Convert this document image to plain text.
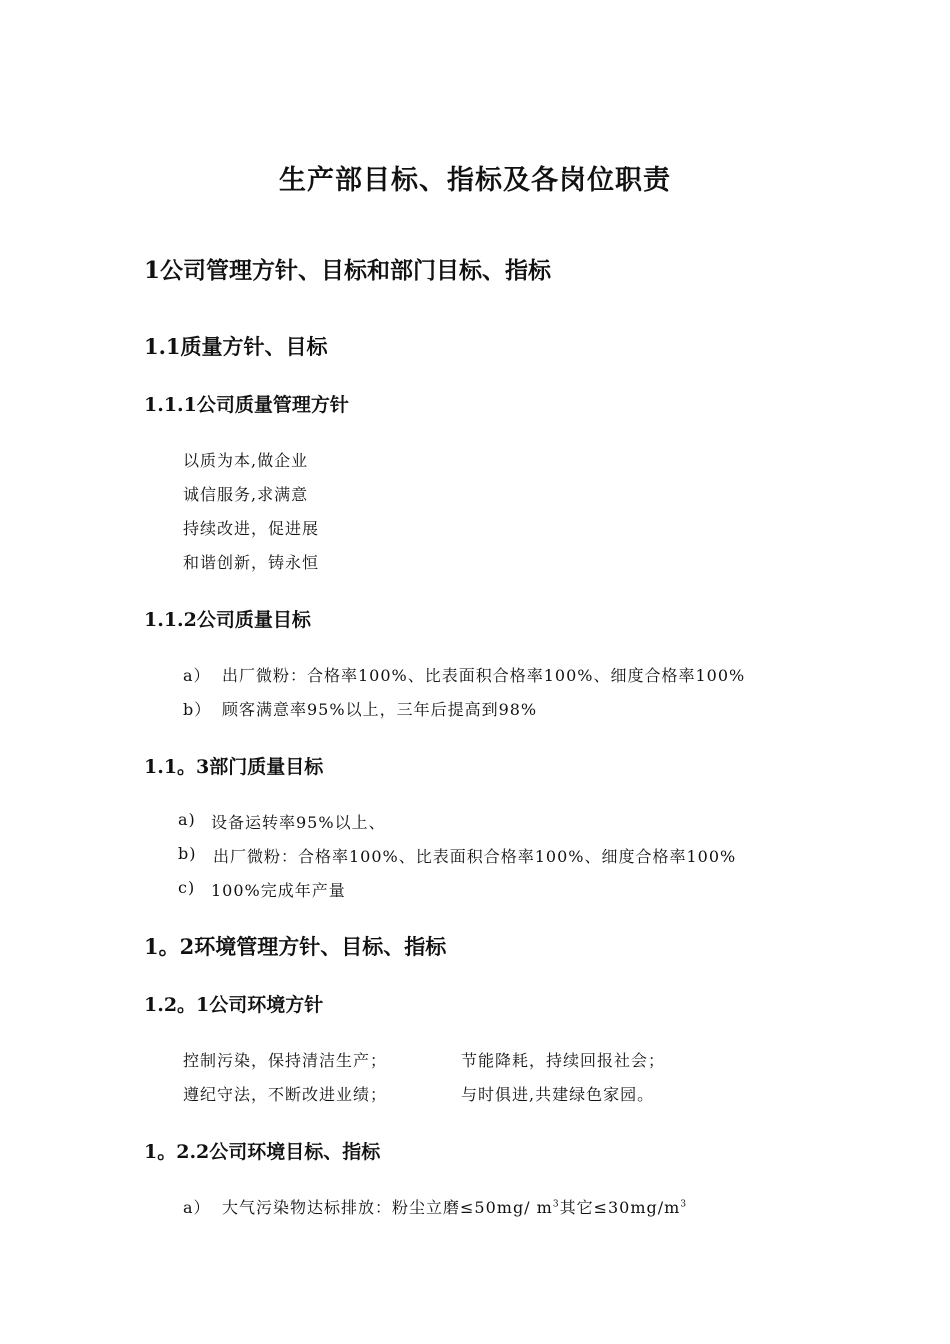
生产部目标、指标及各岗位职责
1公司管理方针、目标和部门目标、指标
1.1质量方针、目标
1.1.1公司质量管理方针
以质为本,做企业
诚信服务,求满意
持续改进，促进展
和谐创新，铸永恒
1.1.2公司质量目标
a） 出厂微粉：合格率100%、比表面积合格率100%、细度合格率100%
b） 顾客满意率95%以上，三年后提高到98%
1.1。3部门质量目标
a) 设备运转率95%以上、
b) 出厂微粉：合格率100%、比表面积合格率100%、细度合格率100%
c) 100%完成年产量
1。2环境管理方针、目标、指标
1.2。1公司环境方针
控制污染，保持清洁生产；	节能降耗，持续回报社会；
遵纪守法，不断改进业绩；	与时俱进,共建绿色家园。
1。2.2公司环境目标、指标
a） 大气污染物达标排放：粉尘立磨≤50mg/ $m^3$其它$\le 30mg/m^3$
